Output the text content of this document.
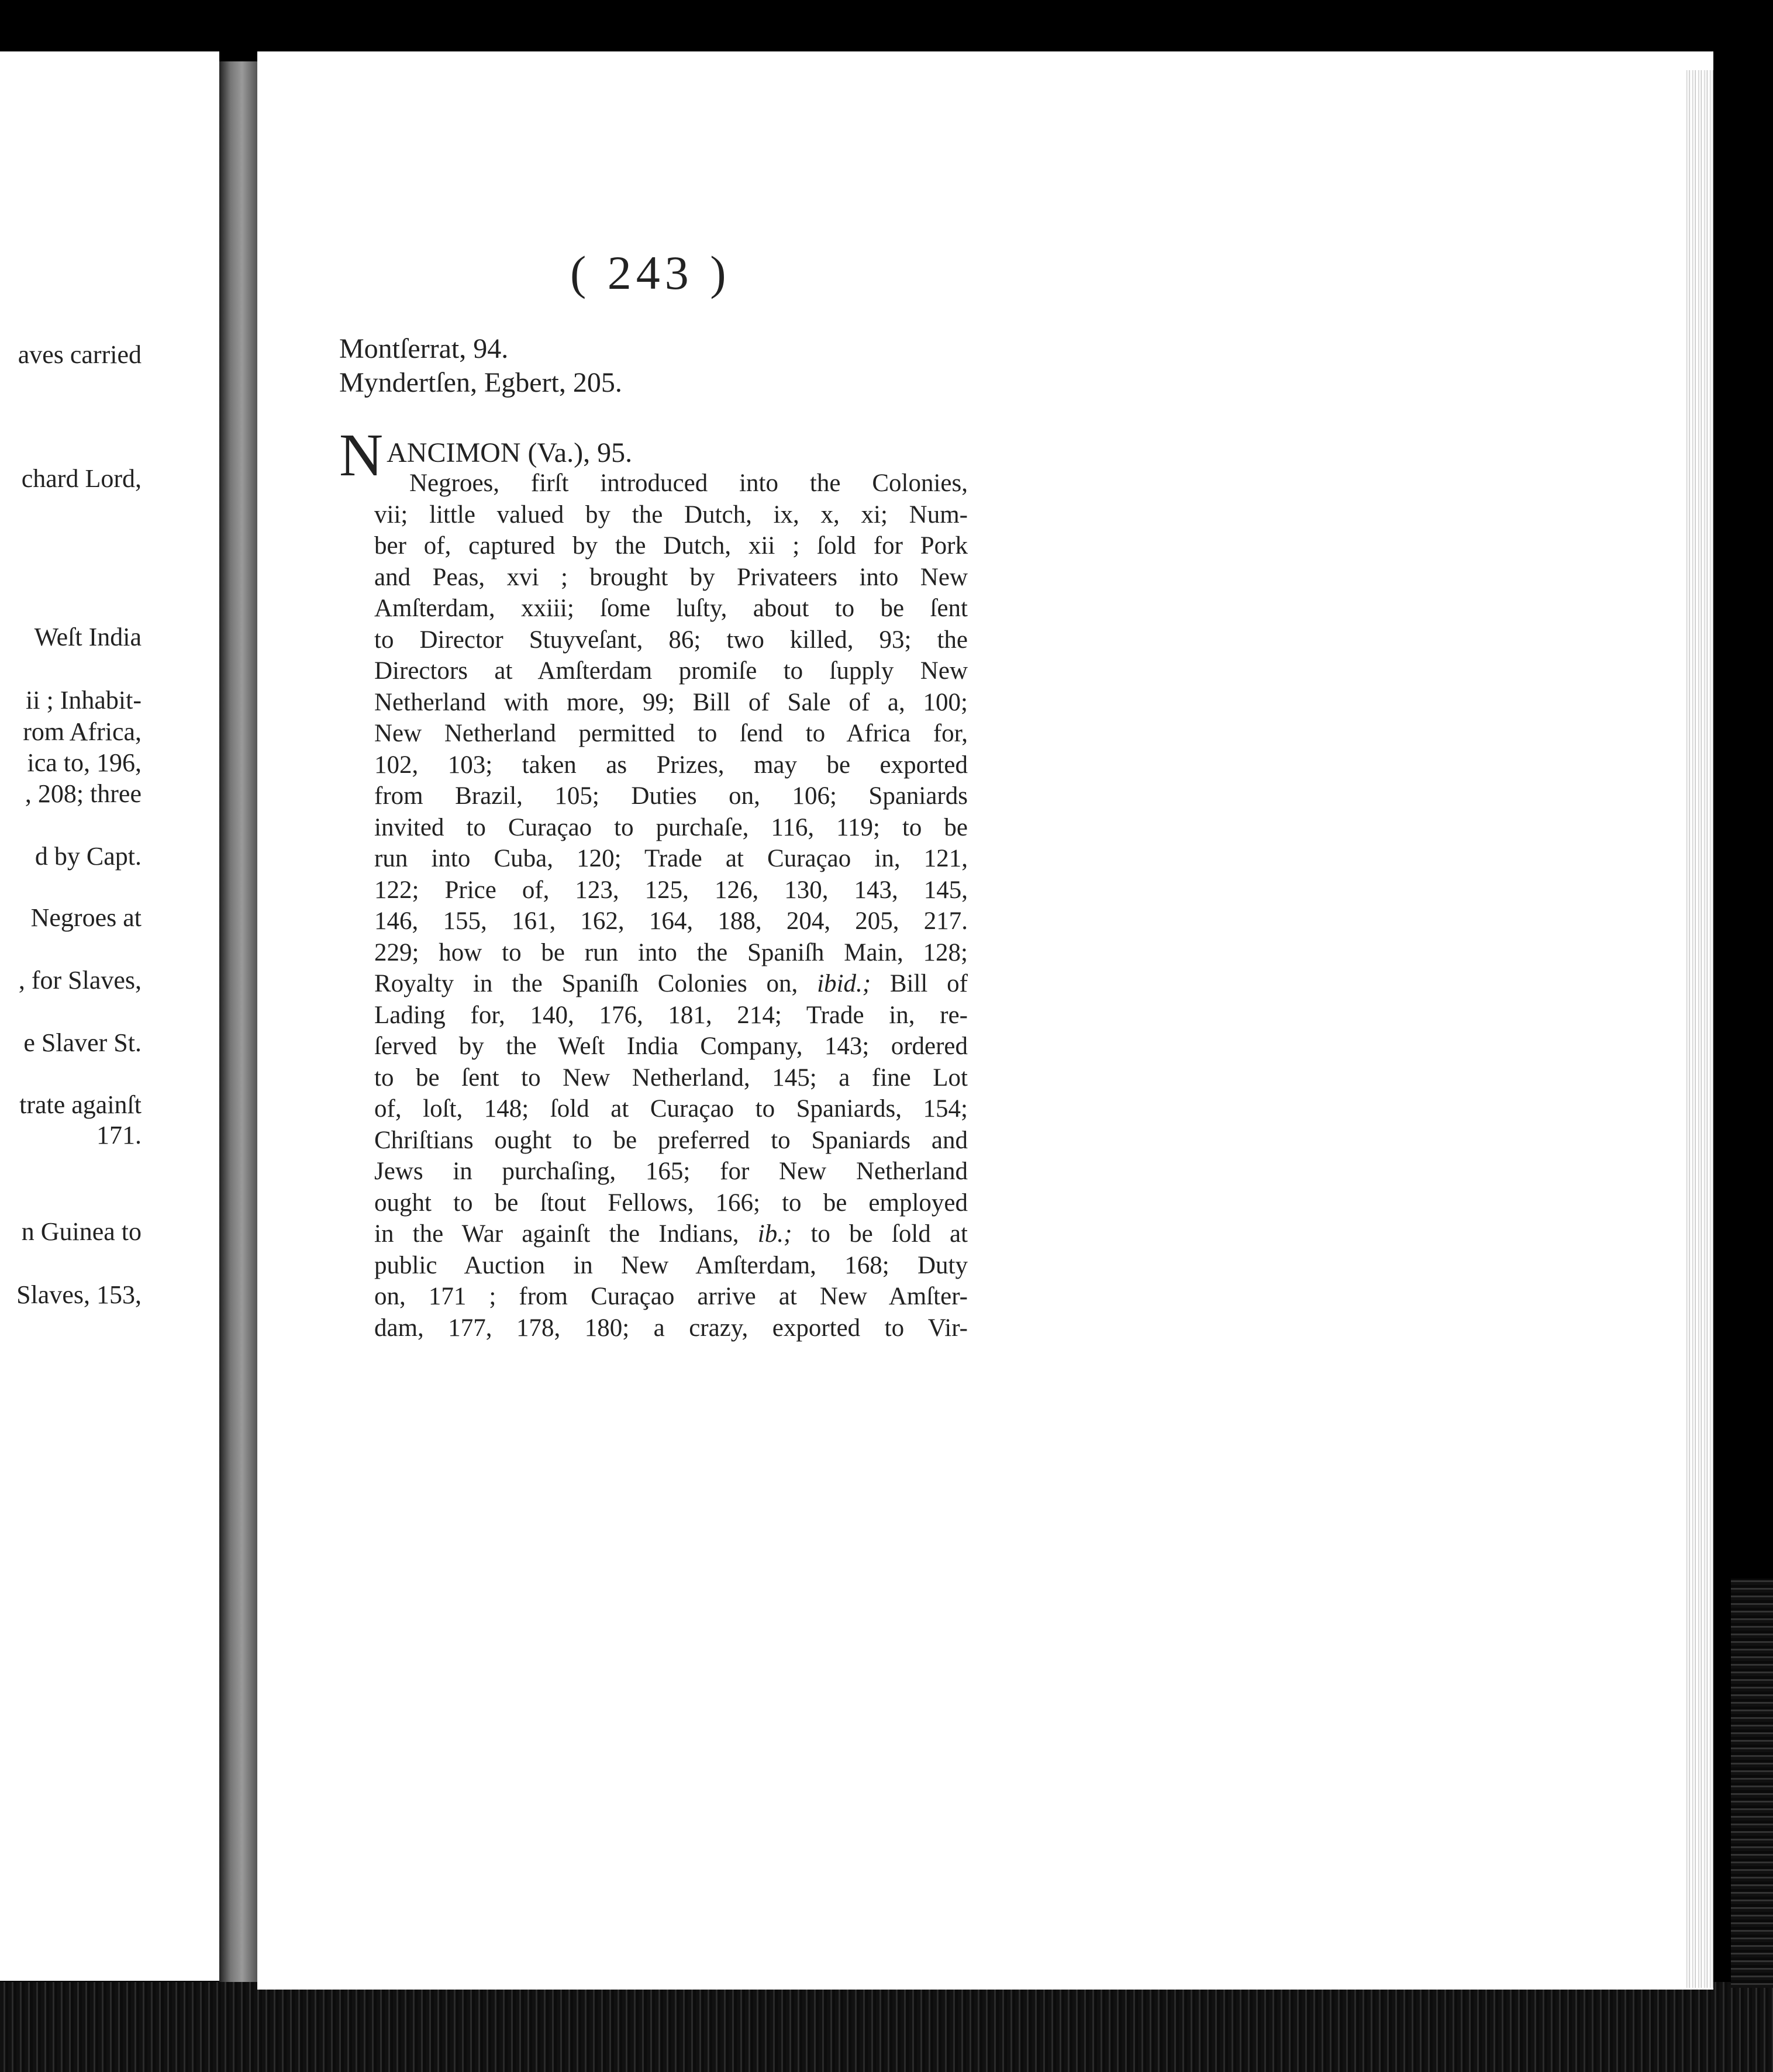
( 243 )
aves carried
chard Lord,
Weſt India
ii ; Inhabit-
rom Africa,
ica to, 196,
, 208; three
d by Capt.
Negroes at
, for Slaves,
e Slaver St.
trate againſt
171.
n Guinea to
Slaves, 153,
Montſerrat, 94.
Myndertſen, Egbert, 205.
N ANCIMON (Va.), 95.
Negroes, firſt introduced into the Colonies,
vii; little valued by the Dutch, ix, x, xi; Num-
ber of, captured by the Dutch, xii ; ſold for Pork
and Peas, xvi ; brought by Privateers into New
Amſterdam, xxiii; ſome luſty, about to be ſent
to Director Stuyveſant, 86; two killed, 93; the
Directors at Amſterdam promiſe to ſupply New
Netherland with more, 99; Bill of Sale of a, 100;
New Netherland permitted to ſend to Africa for,
102, 103; taken as Prizes, may be exported
from Brazil, 105; Duties on, 106; Spaniards
invited to Curaçao to purchaſe, 116, 119; to be
run into Cuba, 120; Trade at Curaçao in, 121,
122; Price of, 123, 125, 126, 130, 143, 145,
146, 155, 161, 162, 164, 188, 204, 205, 217.
229; how to be run into the Spaniſh Main, 128;
Royalty in the Spaniſh Colonies on, ibid.; Bill of
Lading for, 140, 176, 181, 214; Trade in, re-
ſerved by the Weſt India Company, 143; ordered
to be ſent to New Netherland, 145; a fine Lot
of, loſt, 148; ſold at Curaçao to Spaniards, 154;
Chriſtians ought to be preferred to Spaniards and
Jews in purchaſing, 165; for New Netherland
ought to be ſtout Fellows, 166; to be employed
in the War againſt the Indians, ib.; to be ſold at
public Auction in New Amſterdam, 168; Duty
on, 171 ; from Curaçao arrive at New Amſter-
dam, 177, 178, 180; a crazy, exported to Vir-
